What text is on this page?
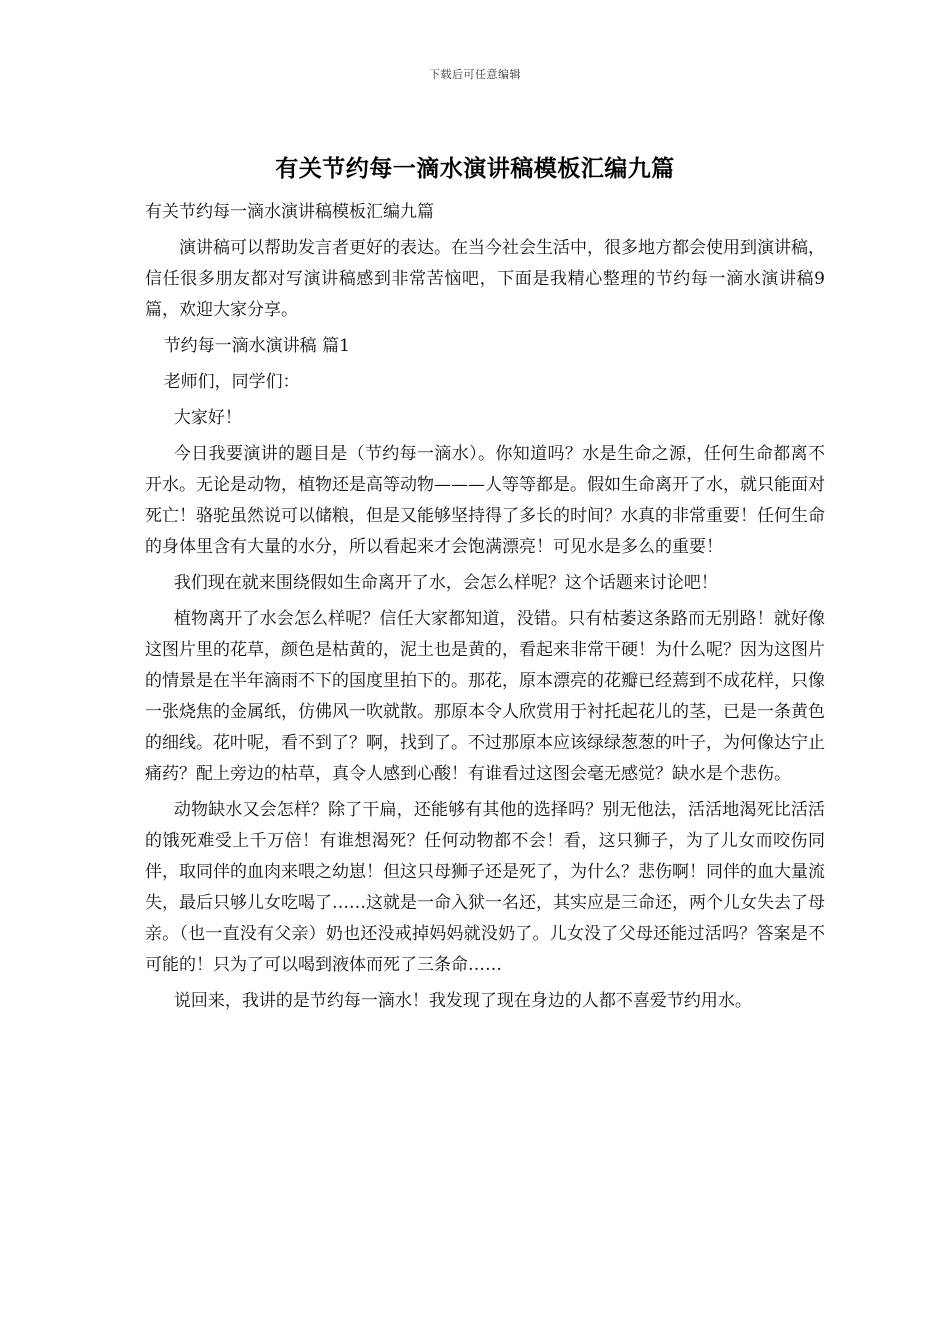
下载后可任意编辑
有关节约每一滴水演讲稿模板汇编九篇

有关节约每一滴水演讲稿模板汇编九篇

演讲稿可以帮助发言者更好的表达。在当今社会生活中，很多地方都会使用到演讲稿，信任很多朋友都对写演讲稿感到非常苦恼吧，下面是我精心整理的节约每一滴水演讲稿9篇，欢迎大家分享。

节约每一滴水演讲稿 篇1

老师们，同学们：

大家好！

今日我要演讲的题目是（节约每一滴水）。你知道吗？水是生命之源，任何生命都离不开水。无论是动物，植物还是高等动物———人等等都是。假如生命离开了水，就只能面对死亡！骆驼虽然说可以储粮，但是又能够坚持得了多长的时间？水真的非常重要！任何生命的身体里含有大量的水分，所以看起来才会饱满漂亮！可见水是多么的重要！

我们现在就来围绕假如生命离开了水，会怎么样呢？这个话题来讨论吧！

植物离开了水会怎么样呢？信任大家都知道，没错。只有枯萎这条路而无别路！就好像这图片里的花草，颜色是枯黄的，泥土也是黄的，看起来非常干硬！为什么呢？因为这图片的情景是在半年滴雨不下的国度里拍下的。那花，原本漂亮的花瓣已经蔫到不成花样，只像一张烧焦的金属纸，仿佛风一吹就散。那原本令人欣赏用于衬托起花儿的茎，已是一条黄色的细线。花叶呢，看不到了？啊，找到了。不过那原本应该绿绿葱葱的叶子，为何像达宁止痛药？配上旁边的枯草，真令人感到心酸！有谁看过这图会毫无感觉？缺水是个悲伤。

动物缺水又会怎样？除了干扁，还能够有其他的选择吗？别无他法，活活地渴死比活活的饿死难受上千万倍！有谁想渴死？任何动物都不会！看，这只狮子，为了儿女而咬伤同伴，取同伴的血肉来喂之幼崽！但这只母狮子还是死了，为什么？悲伤啊！同伴的血大量流失，最后只够儿女吃喝了……这就是一命入狱一名还，其实应是三命还，两个儿女失去了母亲。（也一直没有父亲）奶也还没戒掉妈妈就没奶了。儿女没了父母还能过活吗？答案是不可能的！只为了可以喝到液体而死了三条命……

说回来，我讲的是节约每一滴水！我发现了现在身边的人都不喜爱节约用水。
